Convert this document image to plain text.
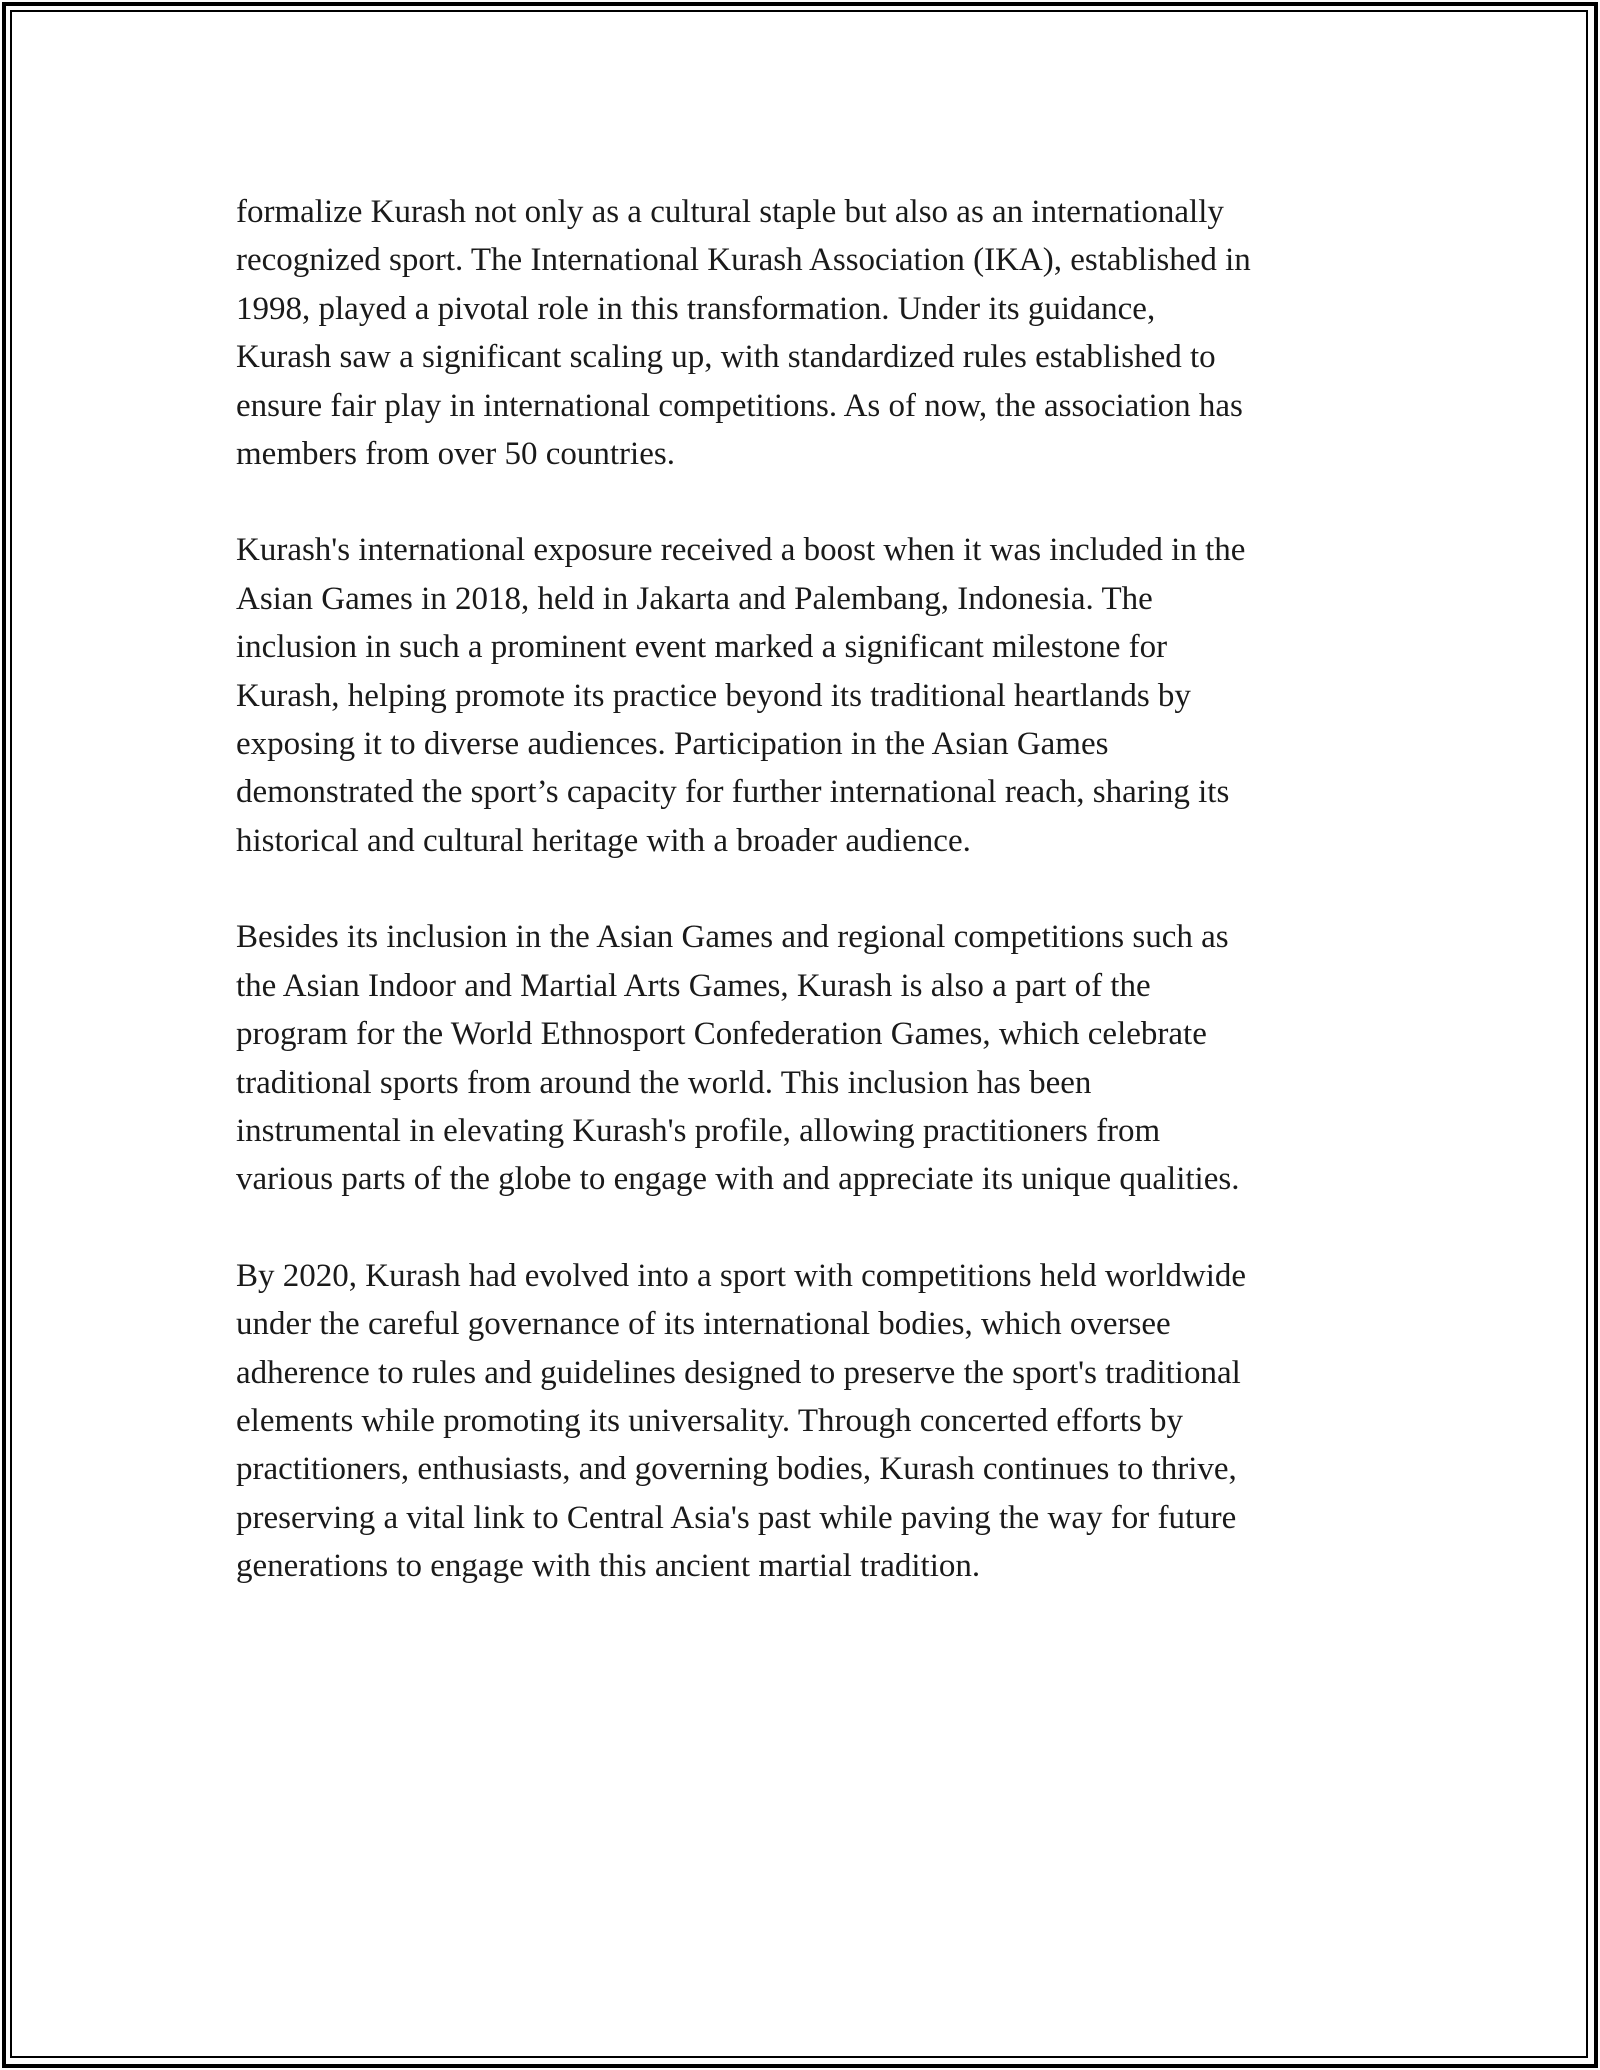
formalize Kurash not only as a cultural staple but also as an internationally
recognized sport. The International Kurash Association (IKA), established in
1998, played a pivotal role in this transformation. Under its guidance,
Kurash saw a significant scaling up, with standardized rules established to
ensure fair play in international competitions. As of now, the association has
members from over 50 countries.

Kurash's international exposure received a boost when it was included in the
Asian Games in 2018, held in Jakarta and Palembang, Indonesia. The
inclusion in such a prominent event marked a significant milestone for
Kurash, helping promote its practice beyond its traditional heartlands by
exposing it to diverse audiences. Participation in the Asian Games
demonstrated the sport’s capacity for further international reach, sharing its
historical and cultural heritage with a broader audience.

Besides its inclusion in the Asian Games and regional competitions such as
the Asian Indoor and Martial Arts Games, Kurash is also a part of the
program for the World Ethnosport Confederation Games, which celebrate
traditional sports from around the world. This inclusion has been
instrumental in elevating Kurash's profile, allowing practitioners from
various parts of the globe to engage with and appreciate its unique qualities.

By 2020, Kurash had evolved into a sport with competitions held worldwide
under the careful governance of its international bodies, which oversee
adherence to rules and guidelines designed to preserve the sport's traditional
elements while promoting its universality. Through concerted efforts by
practitioners, enthusiasts, and governing bodies, Kurash continues to thrive,
preserving a vital link to Central Asia's past while paving the way for future
generations to engage with this ancient martial tradition.
